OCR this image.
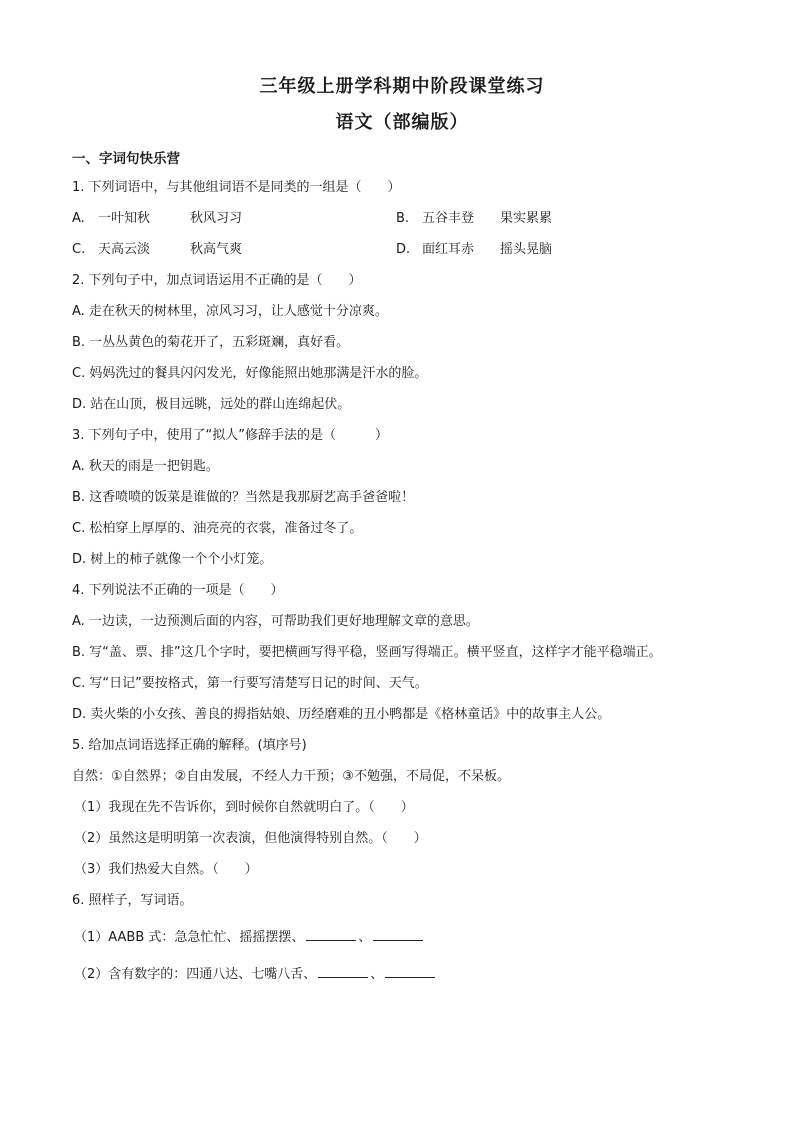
三年级上册学科期中阶段课堂练习
语文（部编版）
一、字词句快乐营
1. 下列词语中，与其他组词语不是同类的一组是（　　）
A.	一叶知秋	秋风习习	B. 五谷丰登	果实累累
C. 天高云淡	秋高气爽	D. 面红耳赤	摇头晃脑
2. 下列句子中，加点词语运用不正确的是（　　）
A. 走在秋天的树林里，凉风习习，让人感觉十分凉爽。
B. 一丛丛黄色的菊花开了，五彩斑斓，真好看。
C. 妈妈洗过的餐具闪闪发光，好像能照出她那满是汗水的脸。
D. 站在山顶，极目远眺，远处的群山连绵起伏。
3. 下列句子中，使用了“拟人”修辞手法的是（　　　）
A. 秋天的雨是一把钥匙。
B. 这香喷喷的饭菜是谁做的？当然是我那厨艺高手爸爸啦！
C. 松柏穿上厚厚的、油亮亮的衣裳，准备过冬了。
D. 树上的柿子就像一个个小灯笼。
4. 下列说法不正确的一项是（　　）
A. 一边读，一边预测后面的内容，可帮助我们更好地理解文章的意思。
B. 写“盖、票、排”这几个字时，要把横画写得平稳，竖画写得端正。横平竖直，这样字才能平稳端正。
C. 写“日记”要按格式，第一行要写清楚写日记的时间、天气。
D. 卖火柴的小女孩、善良的拇指姑娘、历经磨难的丑小鸭都是《格林童话》中的故事主人公。
5. 给加点词语选择正确的解释。(填序号)
自然：①自然界；②自由发展，不经人力干预；③不勉强，不局促，不呆板。
（1）我现在先不告诉你，到时候你自然就明白了。（　　）
（2）虽然这是明明第一次表演，但他演得特别自然。（　　）
（3）我们热爱大自然。（　　）
6. 照样子，写词语。
（1）AABB 式：急急忙忙、摇摇摆摆、	、
（2）含有数字的：四通八达、七嘴八舌、	、
